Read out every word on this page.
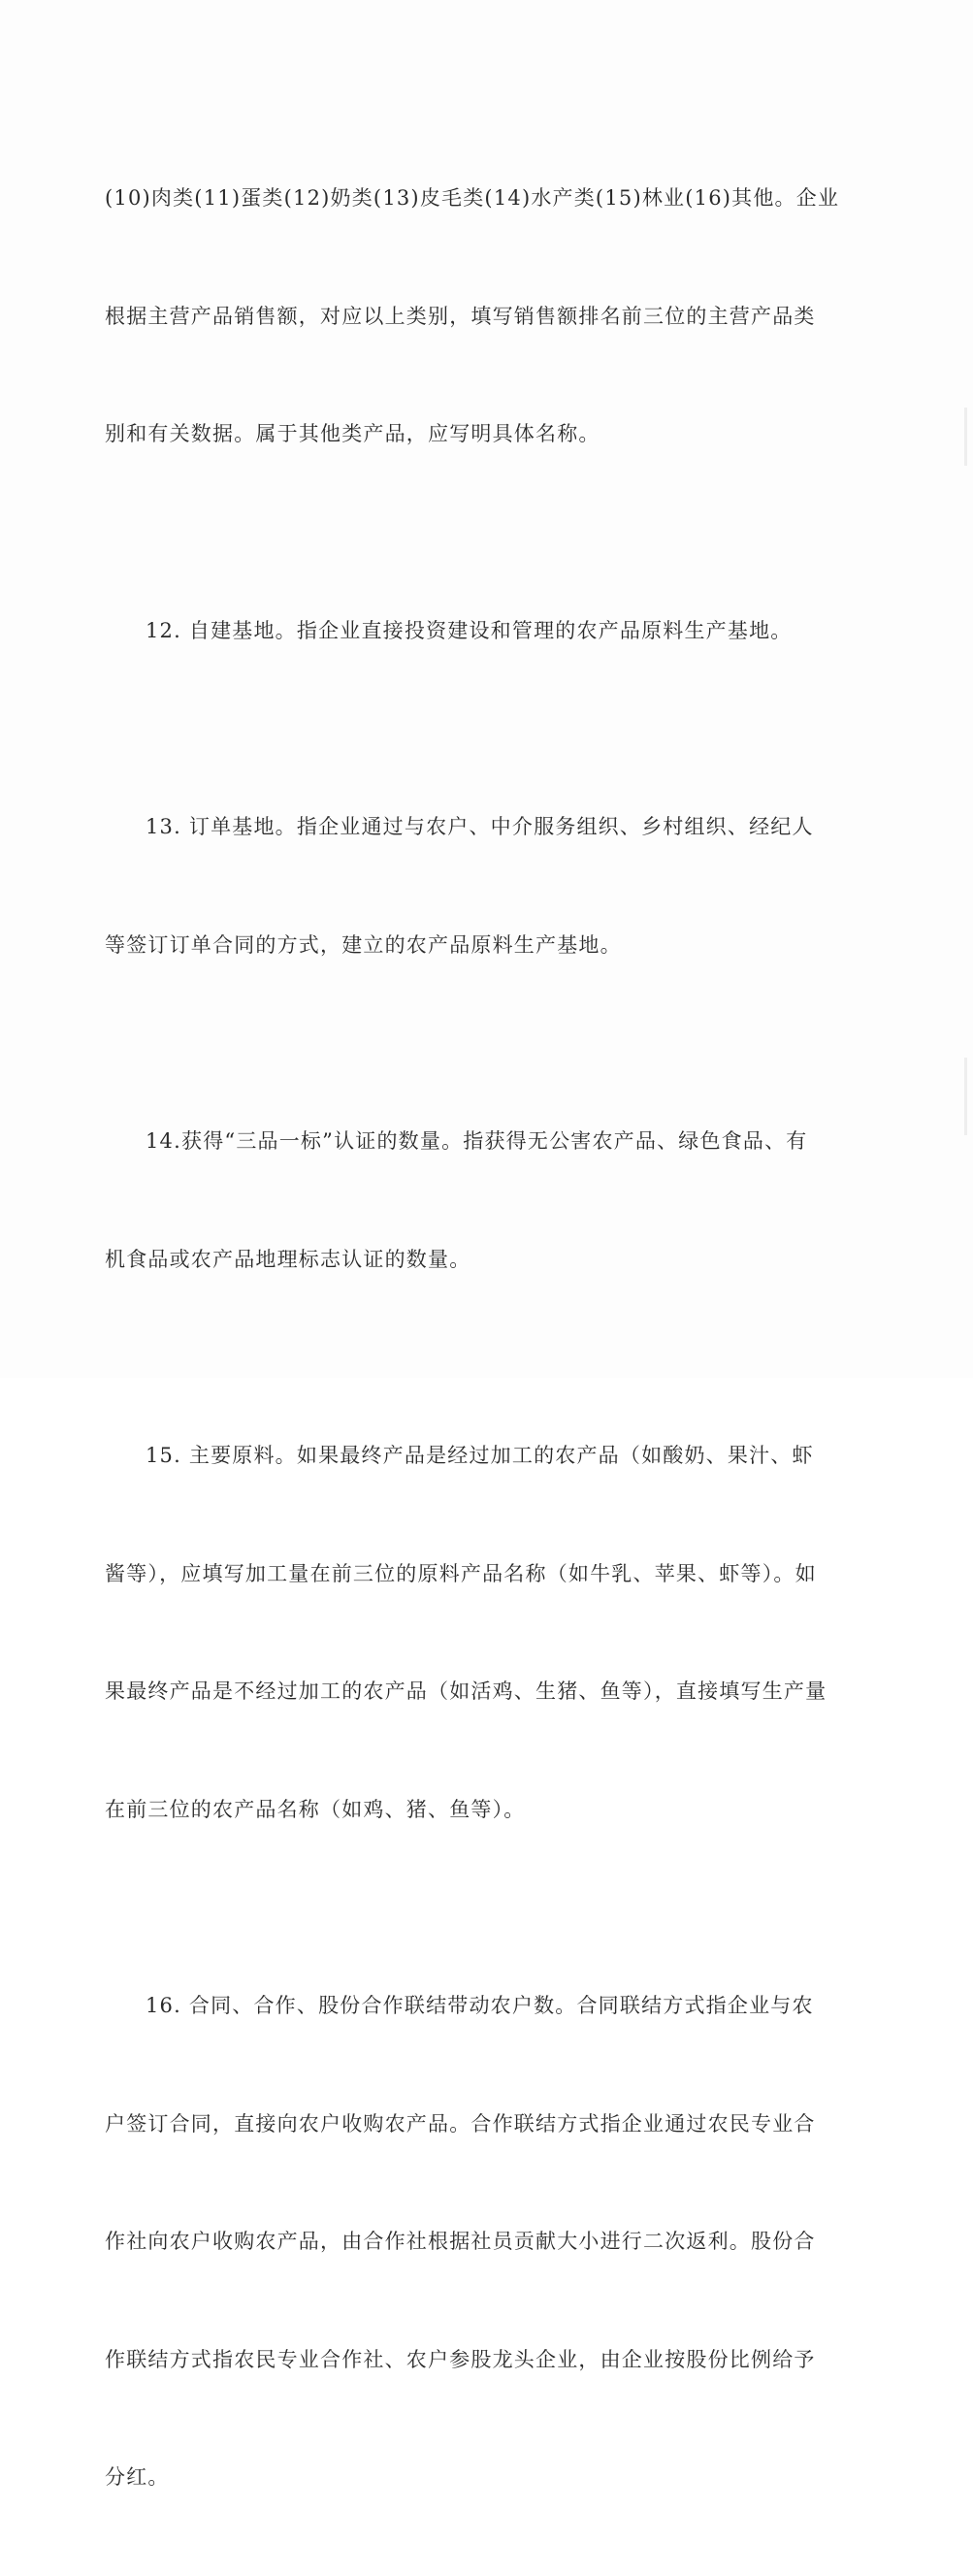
(10)肉类(11)蛋类(12)奶类(13)皮毛类(14)水产类(15)林业(16)其他。企业

根据主营产品销售额，对应以上类别，填写销售额排名前三位的主营产品类

别和有关数据。属于其他类产品，应写明具体名称。

12. 自建基地。指企业直接投资建设和管理的农产品原料生产基地。

13. 订单基地。指企业通过与农户、中介服务组织、乡村组织、经纪人

等签订订单合同的方式，建立的农产品原料生产基地。

14.获得“三品一标”认证的数量。指获得无公害农产品、绿色食品、有

机食品或农产品地理标志认证的数量。

15. 主要原料。如果最终产品是经过加工的农产品（如酸奶、果汁、虾

酱等），应填写加工量在前三位的原料产品名称（如牛乳、苹果、虾等）。如

果最终产品是不经过加工的农产品（如活鸡、生猪、鱼等），直接填写生产量

在前三位的农产品名称（如鸡、猪、鱼等）。

16. 合同、合作、股份合作联结带动农户数。合同联结方式指企业与农

户签订合同，直接向农户收购农产品。合作联结方式指企业通过农民专业合

作社向农户收购农产品，由合作社根据社员贡献大小进行二次返利。股份合

作联结方式指农民专业合作社、农户参股龙头企业，由企业按股份比例给予

分红。
